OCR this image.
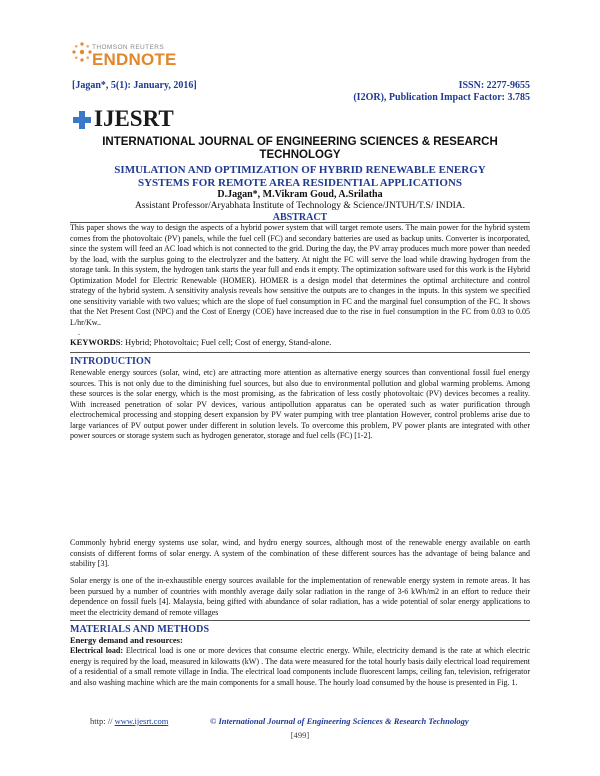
THOMSON REUTERS
ENDNOTE
[Jagan*, 5(1): January, 2016]	ISSN: 2277-9655
(I2OR), Publication Impact Factor: 3.785
IJESRT
INTERNATIONAL JOURNAL OF ENGINEERING SCIENCES & RESEARCH
TECHNOLOGY
SIMULATION AND OPTIMIZATION OF HYBRID RENEWABLE ENERGY
SYSTEMS FOR REMOTE AREA RESIDENTIAL APPLICATIONS
D.Jagan*, M.Vikram Goud, A.Srilatha
Assistant Professor/Aryabhata Institute of Technology & Science/JNTUH/T.S/ INDIA.
ABSTRACT
This paper shows the way to design the aspects of a hybrid power system that will target remote users. The main power for the hybrid system comes from the photovoltaic (PV) panels, while the fuel cell (FC) and secondary batteries are used as backup units. Converter is incorporated, since the system will feed an AC load which is not connected to the grid. During the day, the PV array produces much more power than needed by the load, with the surplus going to the electrolyzer and the battery. At night the FC will serve the load while drawing hydrogen from the storage tank. In this system, the hydrogen tank starts the year full and ends it empty. The optimization software used for this work is the Hybrid Optimization Model for Electric Renewable (HOMER). HOMER is a design model that determines the optimal architecture and control strategy of the hybrid system. A sensitivity analysis reveals how sensitive the outputs are to changes in the inputs. In this system we specified one sensitivity variable with two values; which are the slope of fuel consumption in FC and the marginal fuel consumption of the FC. It shows that the Net Present Cost (NPC) and the Cost of Energy (COE) have increased due to the rise in fuel consumption in the FC from 0.03 to 0.05 L/hr/Kw..
.
KEYWORDS: Hybrid; Photovoltaic; Fuel cell; Cost of energy, Stand-alone.
INTRODUCTION
Renewable energy sources (solar, wind, etc) are attracting more attention as alternative energy sources than conventional fossil fuel energy sources. This is not only due to the diminishing fuel sources, but also due to environmental pollution and global warming problems. Among these sources is the solar energy, which is the most promising, as the fabrication of less costly photovoltaic (PV) devices becomes a reality. With increased penetration of solar PV devices, various antipollution apparatus can be operated such as water purification through electrochemical processing and stopping desert expansion by PV water pumping with tree plantation However, control problems arise due to large variances of PV output power under different in solution levels. To overcome this problem, PV power plants are integrated with other power sources or storage system such as hydrogen generator, storage and fuel cells (FC) [1-2].
Commonly hybrid energy systems use solar, wind, and hydro energy sources, although most of the renewable energy available on earth consists of different forms of solar energy. A system of the combination of these different sources has the advantage of being balance and stability [3].
Solar energy is one of the in-exhaustible energy sources available for the implementation of renewable energy system in remote areas. It has been pursued by a number of countries with monthly average daily solar radiation in the range of 3-6 kWh/m2 in an effort to reduce their dependence on fossil fuels [4]. Malaysia, being gifted with abundance of solar radiation, has a wide potential of solar energy applications to meet the electricity demand of remote villages
MATERIALS AND METHODS
Energy demand and resources:
Electrical load: Electrical load is one or more devices that consume electric energy. While, electricity demand is the rate at which electric energy is required by the load, measured in kilowatts (kW) . The data were measured for the total hourly basis daily electrical load requirement of a residential of a small remote village in India. The electrical load components include fluorescent lamps, ceiling fan, television, refrigerator and also washing machine which are the main components for a small house. The hourly load consumed by the house is presented in Fig. 1.
http: // www.ijesrt.com	© International Journal of Engineering Sciences & Research Technology
[499]
